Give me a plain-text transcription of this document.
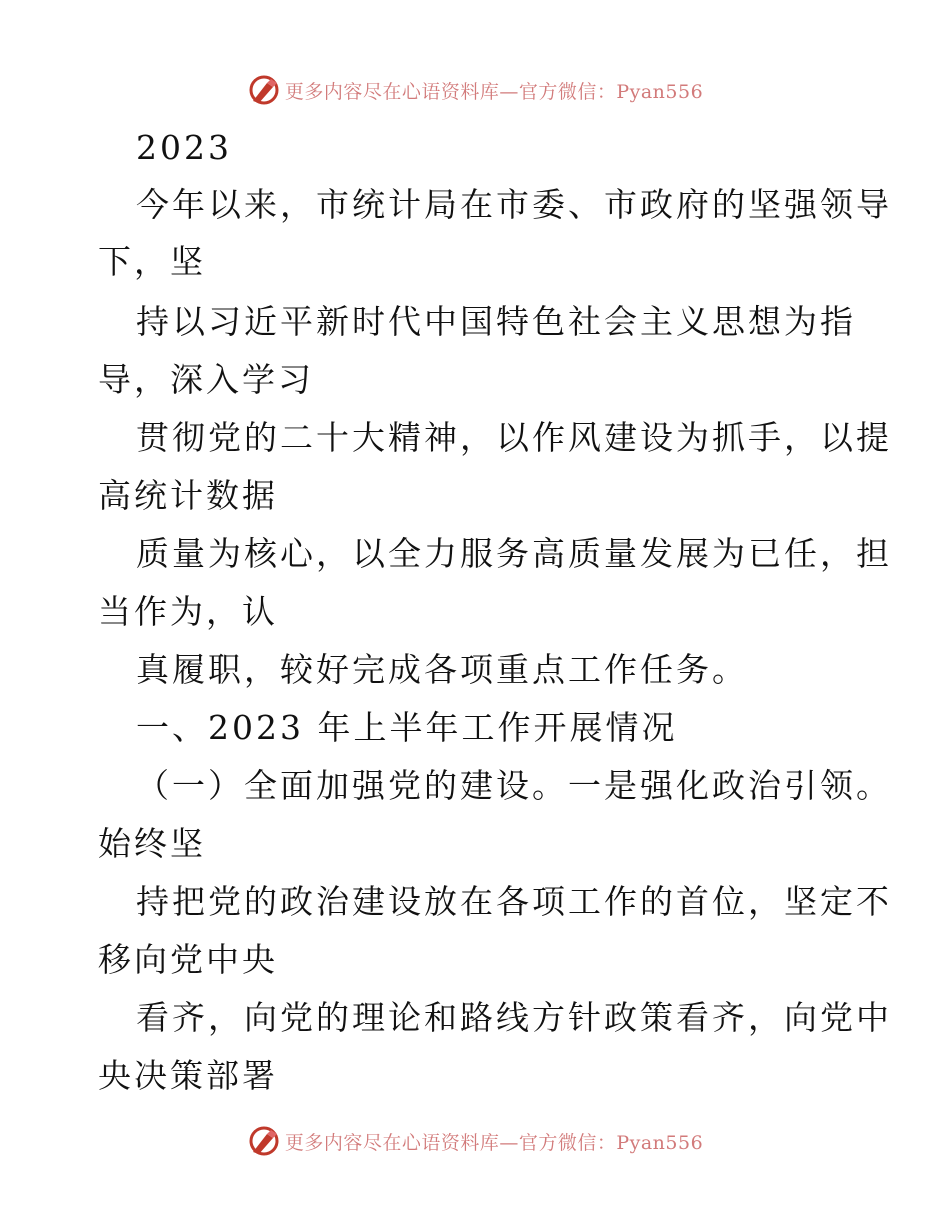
更多内容尽在心语资料库—官方微信：Pyan556
2023
今年以来，市统计局在市委、市政府的坚强领导
下，坚
持以习近平新时代中国特色社会主义思想为指
导，深入学习
贯彻党的二十大精神，以作风建设为抓手，以提
高统计数据
质量为核心，以全力服务高质量发展为已任，担
当作为，认
真履职，较好完成各项重点工作任务。
一、2023 年上半年工作开展情况
（一）全面加强党的建设。一是强化政治引领。
始终坚
持把党的政治建设放在各项工作的首位，坚定不
移向党中央
看齐，向党的理论和路线方针政策看齐，向党中
央决策部署
更多内容尽在心语资料库—官方微信：Pyan556
